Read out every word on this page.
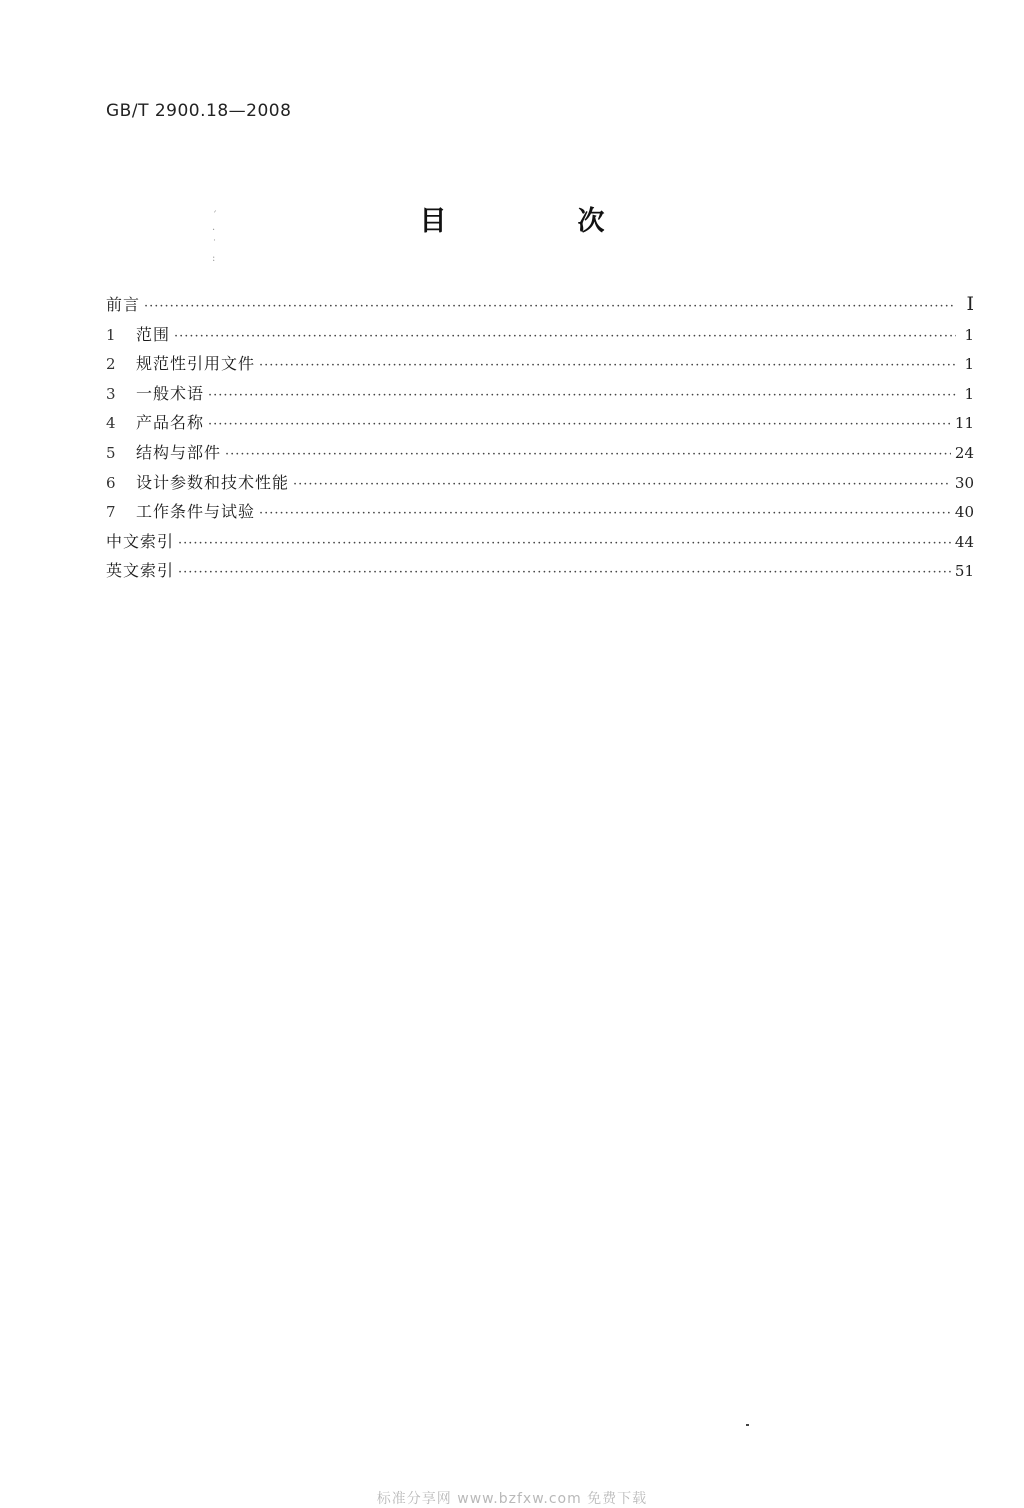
GB/T 2900.18—2008
ˊ
·
˙
:
目　次
前言 ·····	I
1	范围 ·····	1
2	规范性引用文件 ·····	1
3	一般术语 ·····	1
4	产品名称 ·····	11
5	结构与部件 ·····	24
6	设计参数和技术性能 ·····	30
7	工作条件与试验 ·····	40
中文索引 ·····	44
英文索引 ·····	51
标准分享网 www.bzfxw.com 免费下载
